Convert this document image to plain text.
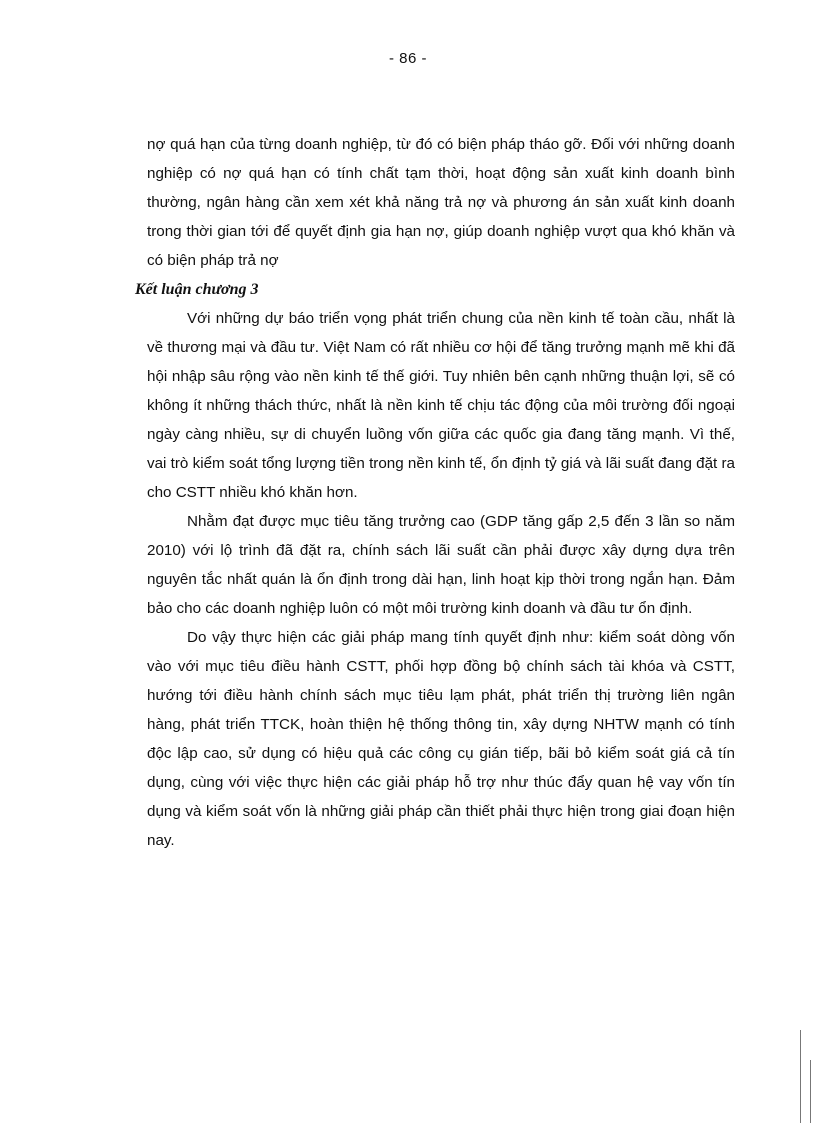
- 86 -

nợ quá hạn của từng doanh nghiệp, từ đó có biện pháp tháo gỡ. Đối với những doanh nghiệp có nợ quá hạn có tính chất tạm thời, hoạt động sản xuất kinh doanh bình thường, ngân hàng cần xem xét khả năng trả nợ và phương án sản xuất kinh doanh trong thời gian tới để quyết định gia hạn nợ, giúp doanh nghiệp vượt qua khó khăn và có biện pháp trả nợ

Kết luận chương 3

Với những dự báo triển vọng phát triển chung của nền kinh tế toàn cầu, nhất là về thương mại và đầu tư. Việt Nam có rất nhiều cơ hội để tăng trưởng mạnh mẽ khi đã hội nhập sâu rộng vào nền kinh tế thế giới. Tuy nhiên bên cạnh những thuận lợi, sẽ có không ít những thách thức, nhất là nền kinh tế chịu tác động của môi trường đối ngoại ngày càng nhiều, sự di chuyển luồng vốn giữa các quốc gia đang tăng mạnh. Vì thế, vai trò kiểm soát tổng lượng tiền trong nền kinh tế, ổn định tỷ giá và lãi suất đang đặt ra cho CSTT nhiều khó khăn hơn.

Nhằm đạt được mục tiêu tăng trưởng cao (GDP tăng gấp 2,5 đến 3 lần so năm 2010) với lộ trình đã đặt ra, chính sách lãi suất cần phải được xây dựng dựa trên nguyên tắc nhất quán là ổn định trong dài hạn, linh hoạt kịp thời trong ngắn hạn. Đảm bảo cho các doanh nghiệp luôn có một môi trường kinh doanh và đầu tư ổn định.

Do vậy thực hiện các giải pháp mang tính quyết định như: kiểm soát dòng vốn vào với mục tiêu điều hành CSTT, phối hợp đồng bộ chính sách tài khóa và CSTT, hướng tới điều hành chính sách mục tiêu lạm phát, phát triển thị trường liên ngân hàng, phát triển TTCK, hoàn thiện hệ thống thông tin, xây dựng NHTW mạnh có tính độc lập cao, sử dụng có hiệu quả các công cụ gián tiếp, bãi bỏ kiểm soát giá cả tín dụng, cùng với việc thực hiện các giải pháp hỗ trợ như thúc đẩy quan hệ vay vốn tín dụng và kiểm soát vốn là những giải pháp cần thiết phải thực hiện trong giai đoạn hiện nay.
